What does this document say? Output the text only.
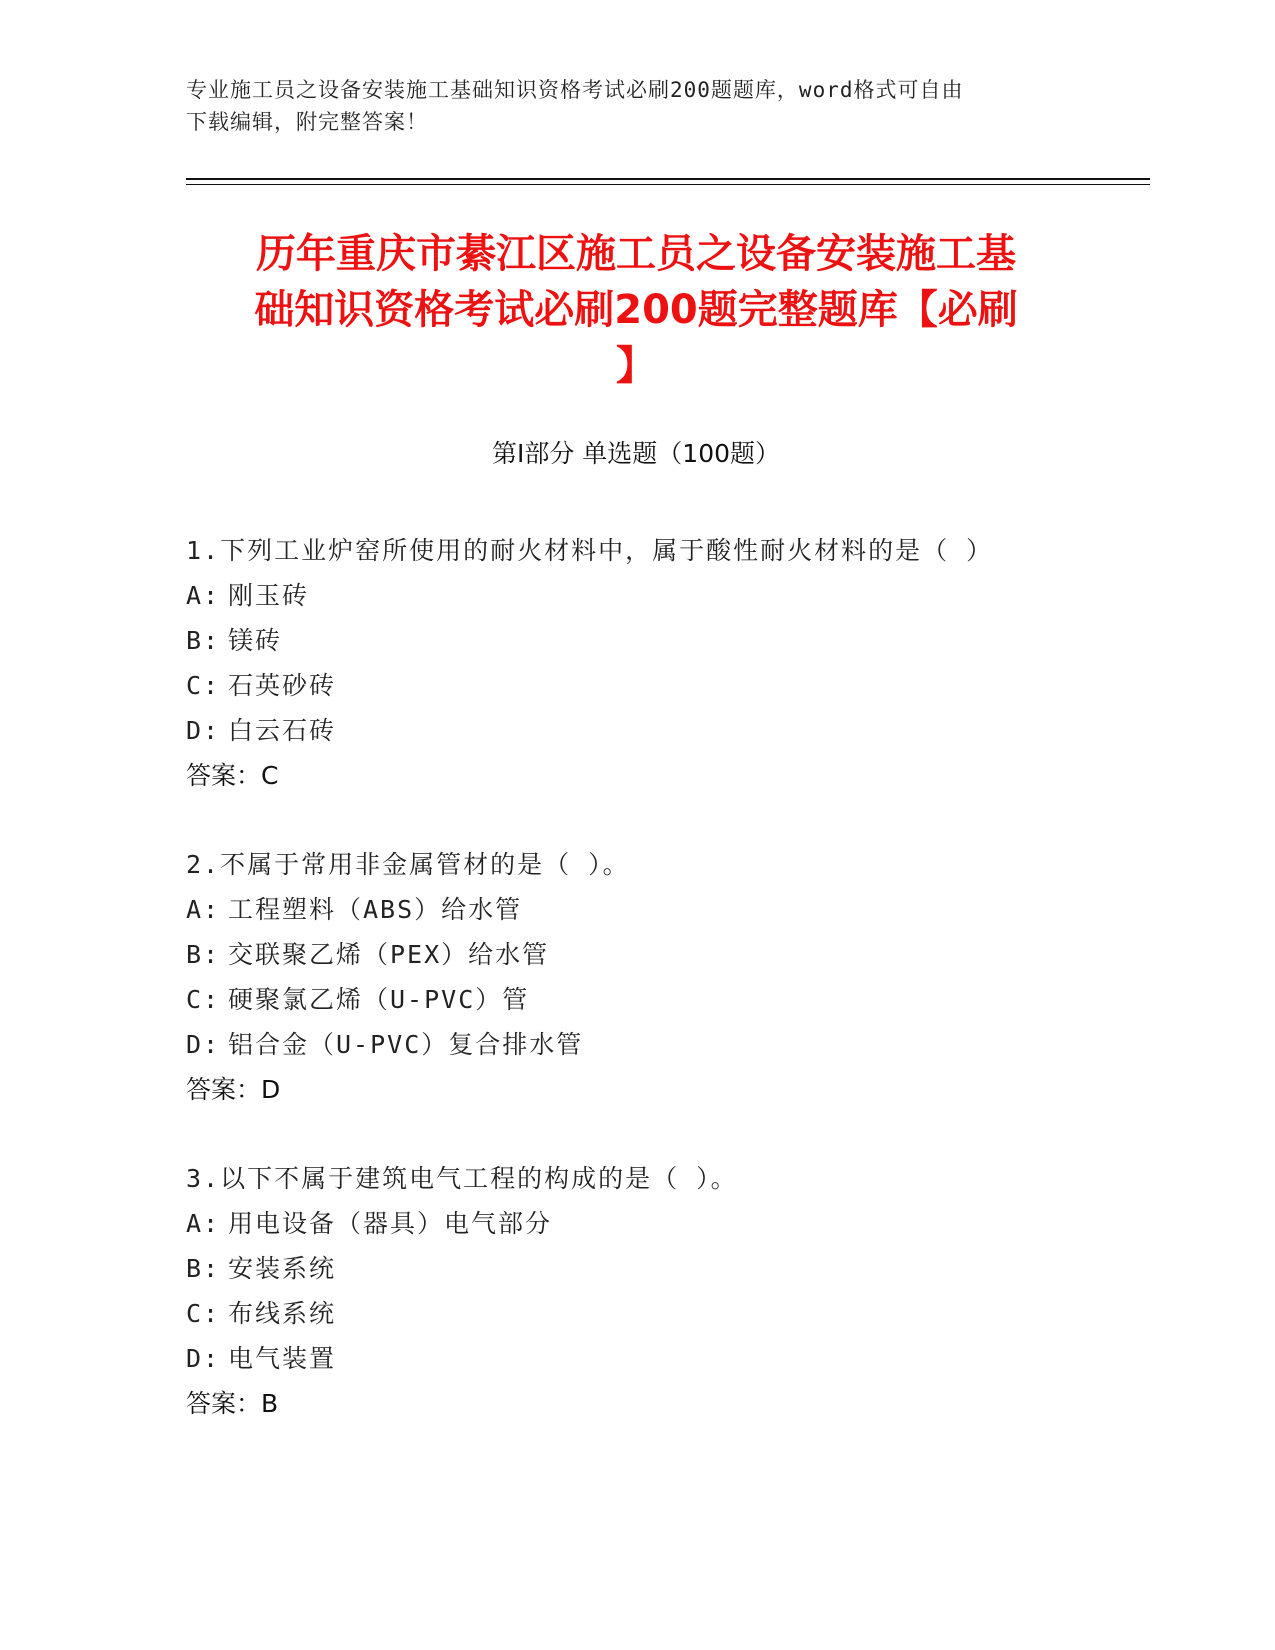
专业施工员之设备安装施工基础知识资格考试必刷200题题库，word格式可自由
下载编辑，附完整答案！
历年重庆市綦江区施工员之设备安装施工基
础知识资格考试必刷200题完整题库【必刷
】
第I部分 单选题（100题）
1.下列工业炉窑所使用的耐火材料中，属于酸性耐火材料的是（ ）
A: 刚玉砖
B: 镁砖
C: 石英砂砖
D: 白云石砖
答案：C
2.不属于常用非金属管材的是（ ）。
A: 工程塑料（ABS）给水管
B: 交联聚乙烯（PEX）给水管
C: 硬聚氯乙烯（U-PVC）管
D: 铝合金（U-PVC）复合排水管
答案：D
3.以下不属于建筑电气工程的构成的是（ ）。
A: 用电设备（器具）电气部分
B: 安装系统
C: 布线系统
D: 电气装置
答案：B
